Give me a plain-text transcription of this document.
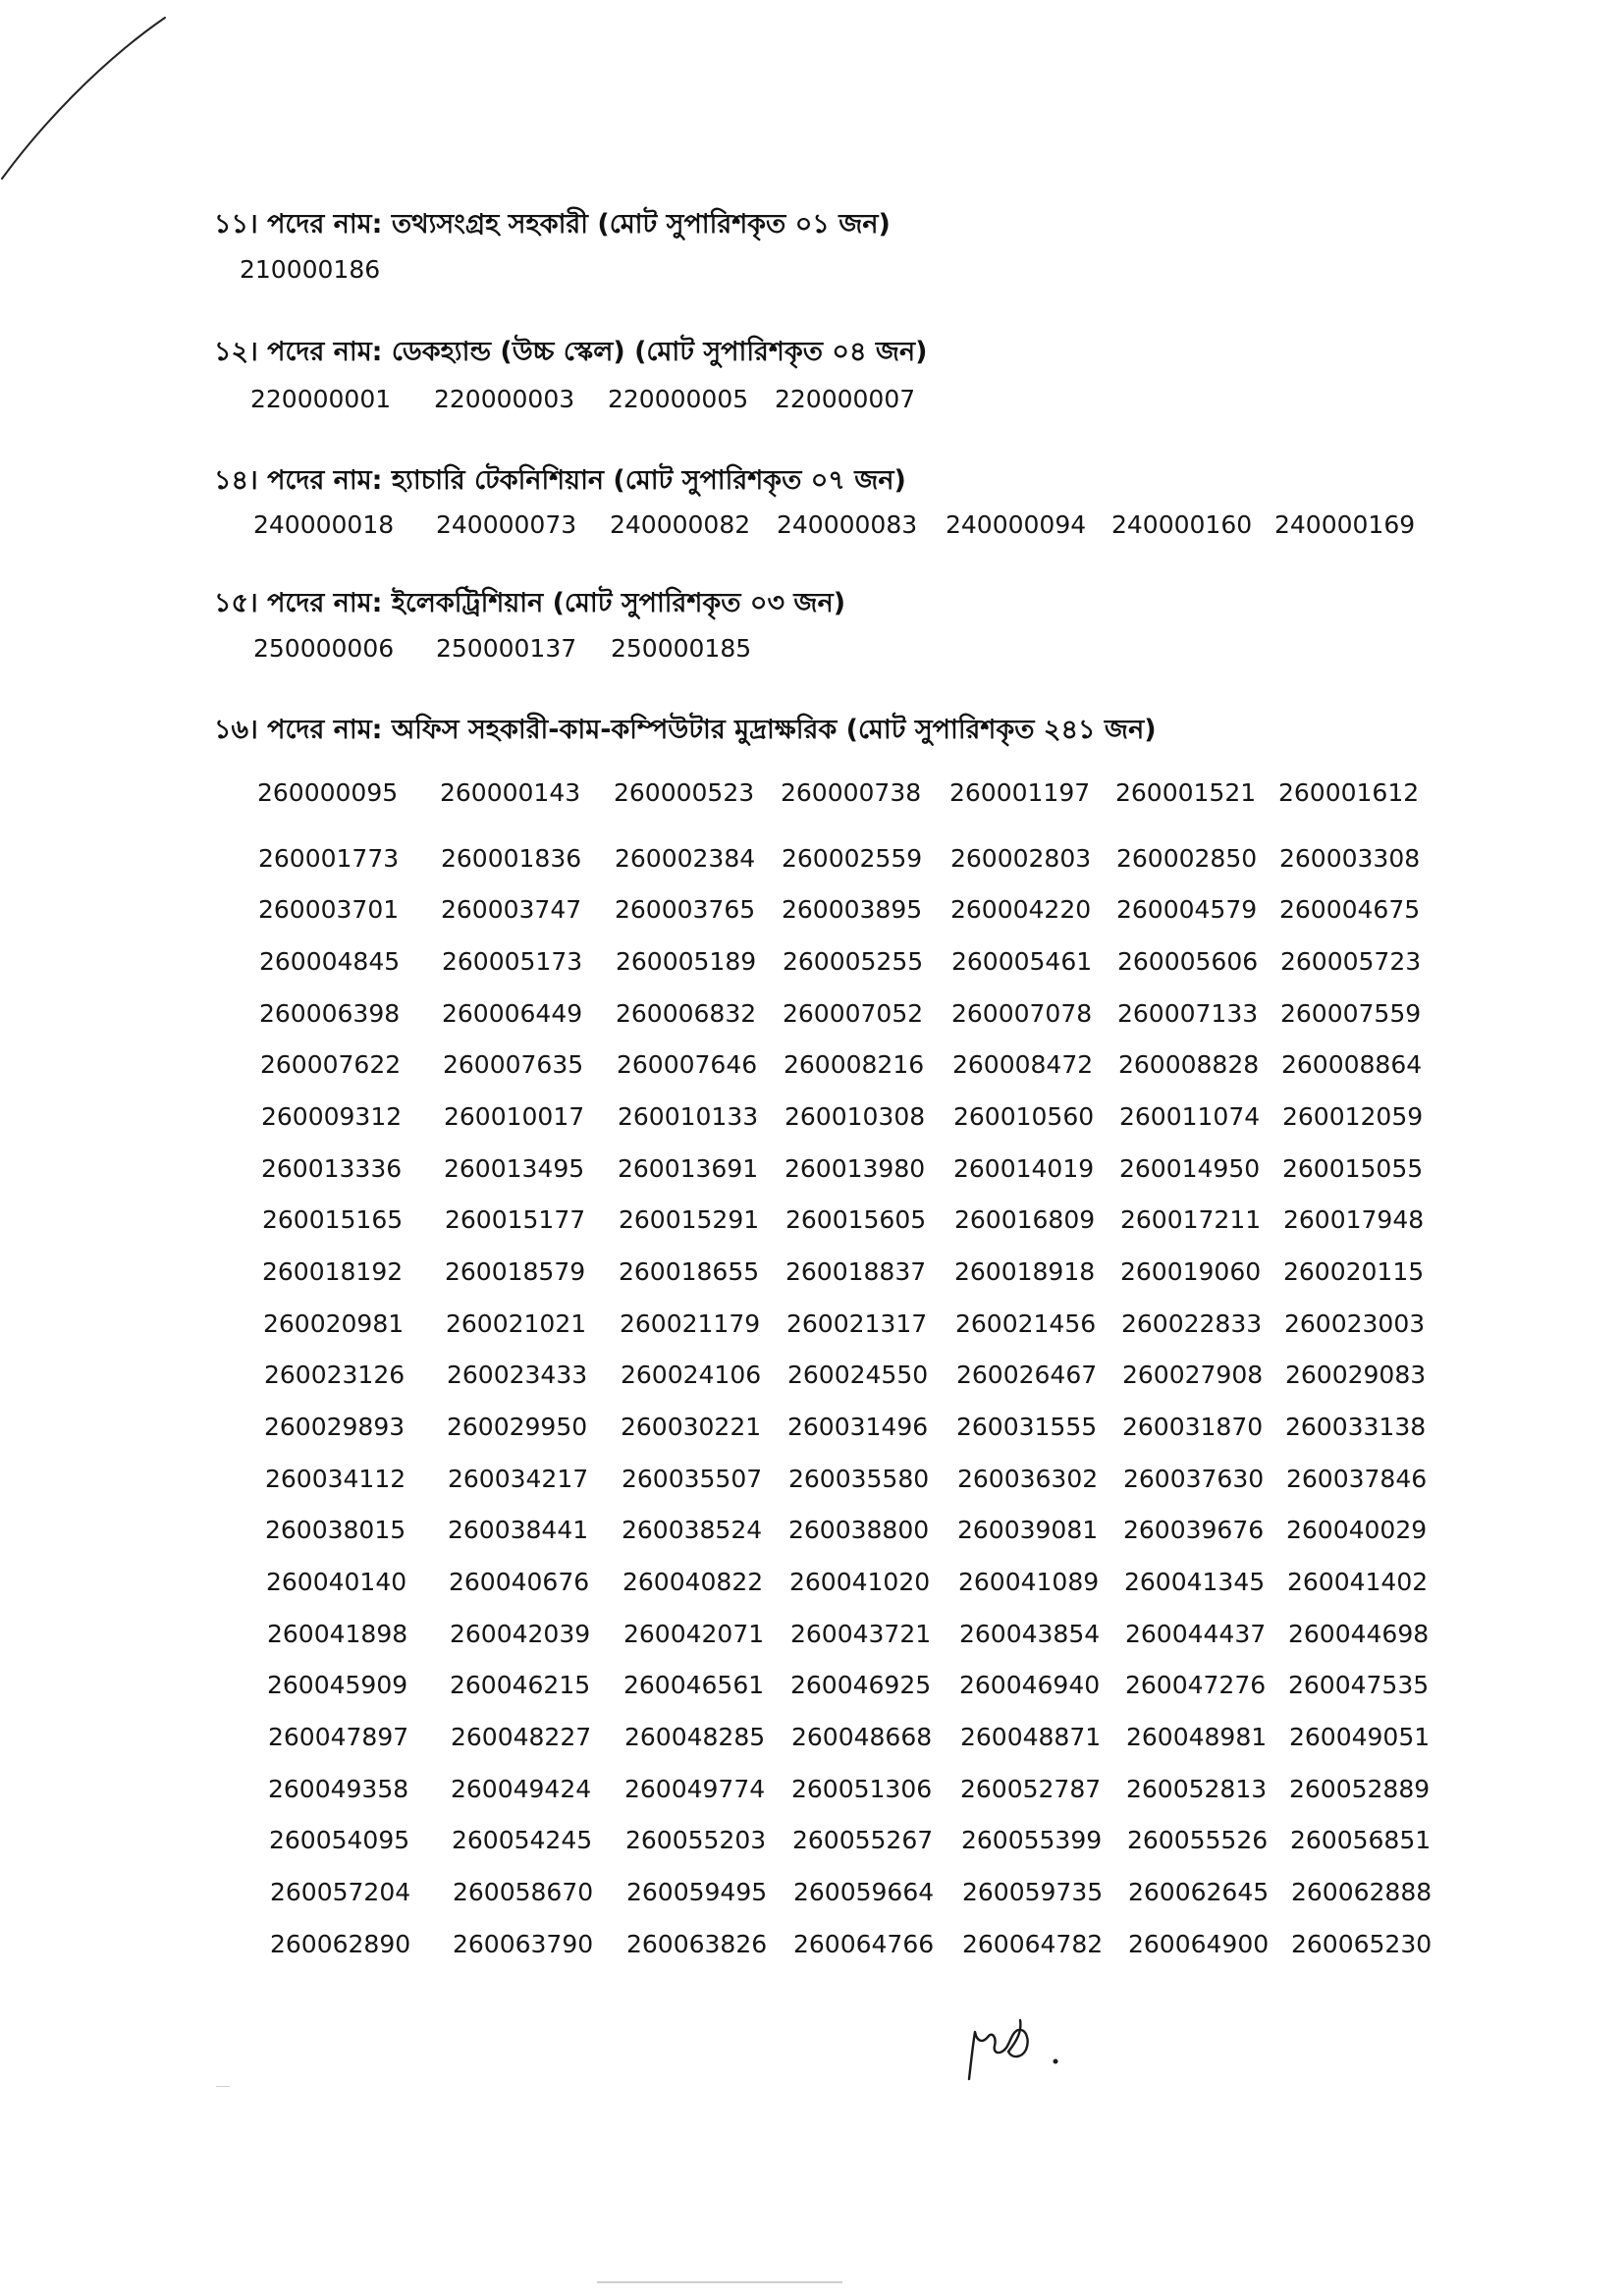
১১। পদের নাম: তথ্যসংগ্রহ সহকারী (মোট সুপারিশকৃত ০১ জন)
210000186
১২। পদের নাম: ডেকহ্যান্ড (উচ্চ স্কেল) (মোট সুপারিশকৃত ০৪ জন)
220000001 220000003 220000005 220000007
১৪। পদের নাম: হ্যাচারি টেকনিশিয়ান (মোট সুপারিশকৃত ০৭ জন)
240000018 240000073 240000082 240000083 240000094 240000160 240000169
১৫। পদের নাম: ইলেকট্রিশিয়ান (মোট সুপারিশকৃত ০৩ জন)
250000006 250000137 250000185
১৬। পদের নাম: অফিস সহকারী-কাম-কম্পিউটার মুদ্রাক্ষরিক (মোট সুপারিশকৃত ২৪১ জন)
260000095 260000143 260000523 260000738 260001197 260001521 260001612
260001773 260001836 260002384 260002559 260002803 260002850 260003308
260003701 260003747 260003765 260003895 260004220 260004579 260004675
260004845 260005173 260005189 260005255 260005461 260005606 260005723
260006398 260006449 260006832 260007052 260007078 260007133 260007559
260007622 260007635 260007646 260008216 260008472 260008828 260008864
260009312 260010017 260010133 260010308 260010560 260011074 260012059
260013336 260013495 260013691 260013980 260014019 260014950 260015055
260015165 260015177 260015291 260015605 260016809 260017211 260017948
260018192 260018579 260018655 260018837 260018918 260019060 260020115
260020981 260021021 260021179 260021317 260021456 260022833 260023003
260023126 260023433 260024106 260024550 260026467 260027908 260029083
260029893 260029950 260030221 260031496 260031555 260031870 260033138
260034112 260034217 260035507 260035580 260036302 260037630 260037846
260038015 260038441 260038524 260038800 260039081 260039676 260040029
260040140 260040676 260040822 260041020 260041089 260041345 260041402
260041898 260042039 260042071 260043721 260043854 260044437 260044698
260045909 260046215 260046561 260046925 260046940 260047276 260047535
260047897 260048227 260048285 260048668 260048871 260048981 260049051
260049358 260049424 260049774 260051306 260052787 260052813 260052889
260054095 260054245 260055203 260055267 260055399 260055526 260056851
260057204 260058670 260059495 260059664 260059735 260062645 260062888
260062890 260063790 260063826 260064766 260064782 260064900 260065230
